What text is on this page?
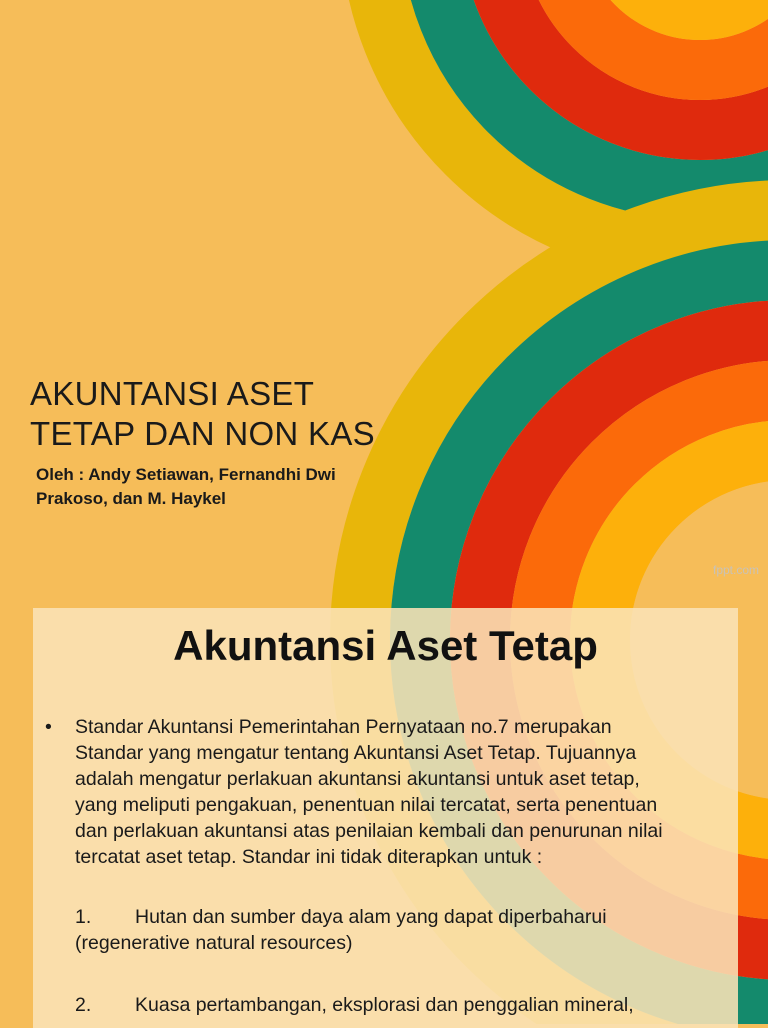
AKUNTANSI ASET
TETAP DAN NON KAS
Oleh : Andy Setiawan, Fernandhi Dwi
Prakoso, dan M. Haykel
fppt.com
Akuntansi Aset Tetap
•	Standar Akuntansi Pemerintahan Pernyataan no.7 merupakan
Standar yang mengatur tentang Akuntansi Aset Tetap. Tujuannya
adalah mengatur perlakuan akuntansi akuntansi untuk aset tetap,
yang meliputi pengakuan, penentuan nilai tercatat, serta penentuan
dan perlakuan akuntansi atas penilaian kembali dan penurunan nilai
tercatat aset tetap. Standar ini tidak diterapkan untuk :
1. Hutan dan sumber daya alam yang dapat diperbaharui
(regenerative natural resources)
2. Kuasa pertambangan, eksplorasi dan penggalian mineral,
